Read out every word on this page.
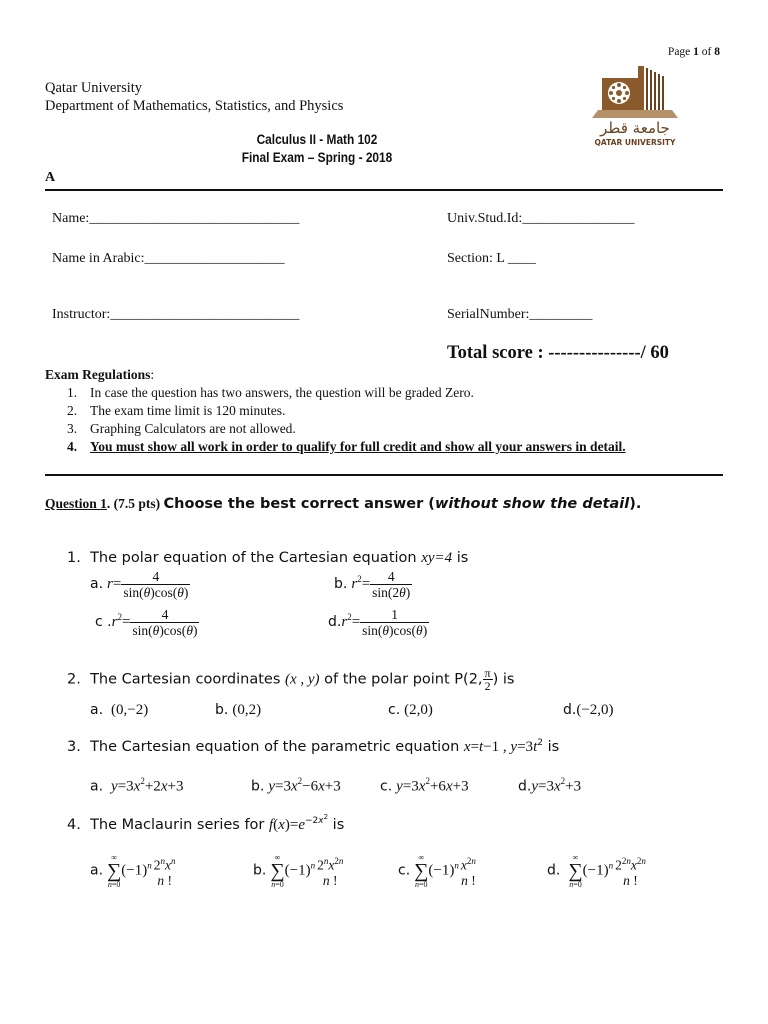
Page 1 of 8
Qatar University
Department of Mathematics, Statistics, and Physics
جامعة قطر
QATAR UNIVERSITY
Calculus II - Math 102
Final Exam – Spring - 2018
A
Name:______________________________	Univ.Stud.Id:________________
Name in Arabic:____________________	Section: L ____
Instructor:___________________________	SerialNumber:_________
Total score : ---------------/ 60
Exam Regulations:
1. In case the question has two answers, the question will be graded Zero.
2. The exam time limit is 120 minutes.
3. Graphing Calculators are not allowed.
4. You must show all work in order to qualify for full credit and show all your answers in detail.
Question 1. (7.5 pts) Choose the best correct answer (without show the detail).
1. The polar equation of the Cartesian equation xy=4 is
a. $r= \frac{4}{\sin(\theta)\cos(\theta)}$	b. $r^2= \frac{4}{\sin(2\theta)}$
c $.r^2= \frac{4}{\sin(\theta)\cos(\theta)}$	$d.r^2= \frac{1}{\sin(\theta)\cos(\theta)}$
2. The Cartesian coordinates (x , y) of the polar point P(2, $\frac{\pi}{2}$ ) is
a. (0,−2)	b. (0,2)	c. (2,0)	d.(−2,0)
3. The Cartesian equation of the parametric equation x=t−1 , $y=3t^2$ is
a. $y=3x^2+2x+3$	b. $y=3x^2-6x+3$	c. $y=3x^2+6x+3$	$d.y=3x^2+3$
4. The Maclaurin series for $f(x)=e^{-2x^2}$ is
a.
∞
∑
n=0
$(-1)^n$ $2^nx^n$
n !
b.
∞
∑
n=0
$(-1)^n$ $2^nx^{2n}$
n !
c.
∞
∑
n=0
$(-1)^n$ $x^{2n}$
n !
d.
∞
∑
n=0
$(-1)^n$ $2^{2n}x^{2n}$
n !
